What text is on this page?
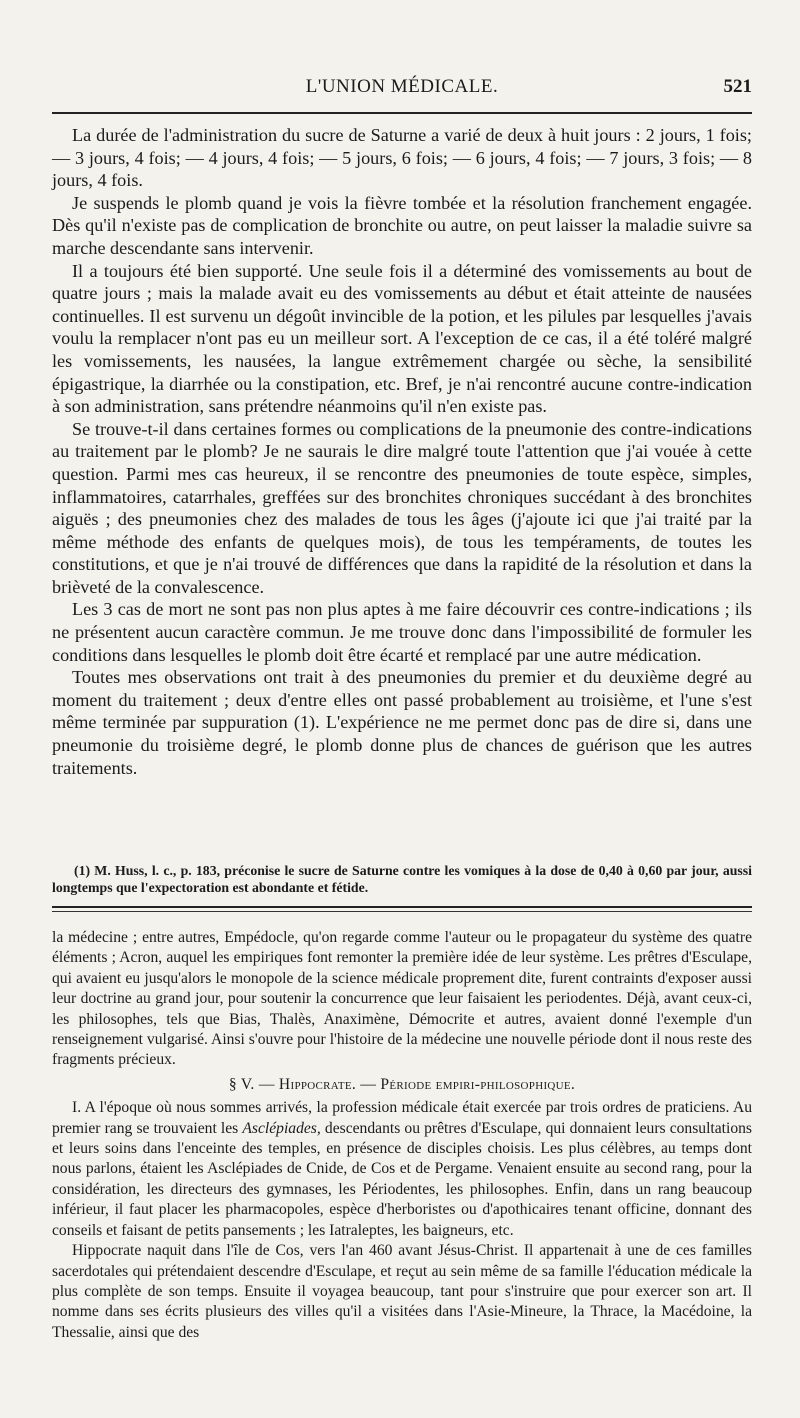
L'UNION MÉDICALE.	521

La durée de l'administration du sucre de Saturne a varié de deux à huit jours : 2 jours, 1 fois; — 3 jours, 4 fois; — 4 jours, 4 fois; — 5 jours, 6 fois; — 6 jours, 4 fois; — 7 jours, 3 fois; — 8 jours, 4 fois.

Je suspends le plomb quand je vois la fièvre tombée et la résolution franchement engagée. Dès qu'il n'existe pas de complication de bronchite ou autre, on peut laisser la maladie suivre sa marche descendante sans intervenir.

Il a toujours été bien supporté. Une seule fois il a déterminé des vomissements au bout de quatre jours ; mais la malade avait eu des vomissements au début et était atteinte de nausées continuelles. Il est survenu un dégoût invincible de la potion, et les pilules par lesquelles j'avais voulu la remplacer n'ont pas eu un meilleur sort. A l'exception de ce cas, il a été toléré malgré les vomissements, les nausées, la langue extrêmement chargée ou sèche, la sensibilité épigastrique, la diarrhée ou la constipation, etc. Bref, je n'ai rencontré aucune contre-indication à son administration, sans prétendre néanmoins qu'il n'en existe pas.

Se trouve-t-il dans certaines formes ou complications de la pneumonie des contre-indications au traitement par le plomb? Je ne saurais le dire malgré toute l'attention que j'ai vouée à cette question. Parmi mes cas heureux, il se rencontre des pneumonies de toute espèce, simples, inflammatoires, catarrhales, greffées sur des bronchites chroniques succédant à des bronchites aiguës ; des pneumonies chez des malades de tous les âges (j'ajoute ici que j'ai traité par la même méthode des enfants de quelques mois), de tous les tempéraments, de toutes les constitutions, et que je n'ai trouvé de différences que dans la rapidité de la résolution et dans la brièveté de la convalescence.

Les 3 cas de mort ne sont pas non plus aptes à me faire découvrir ces contre-indications ; ils ne présentent aucun caractère commun. Je me trouve donc dans l'impossibilité de formuler les conditions dans lesquelles le plomb doit être écarté et remplacé par une autre médication.

Toutes mes observations ont trait à des pneumonies du premier et du deuxième degré au moment du traitement ; deux d'entre elles ont passé probablement au troisième, et l'une s'est même terminée par suppuration (1). L'expérience ne me permet donc pas de dire si, dans une pneumonie du troisième degré, le plomb donne plus de chances de guérison que les autres traitements.

(1) M. Huss, l. c., p. 183, préconise le sucre de Saturne contre les vomiques à la dose de 0,40 à 0,60 par jour, aussi longtemps que l'expectoration est abondante et fétide.

la médecine ; entre autres, Empédocle, qu'on regarde comme l'auteur ou le propagateur du système des quatre éléments ; Acron, auquel les empiriques font remonter la première idée de leur système. Les prêtres d'Esculape, qui avaient eu jusqu'alors le monopole de la science médicale proprement dite, furent contraints d'exposer aussi leur doctrine au grand jour, pour soutenir la concurrence que leur faisaient les periodentes. Déjà, avant ceux-ci, les philosophes, tels que Bias, Thalès, Anaximène, Démocrite et autres, avaient donné l'exemple d'un renseignement vulgarisé. Ainsi s'ouvre pour l'histoire de la médecine une nouvelle période dont il nous reste des fragments précieux.

§ V. — Hippocrate. — Période empiri-philosophique.

I. A l'époque où nous sommes arrivés, la profession médicale était exercée par trois ordres de praticiens. Au premier rang se trouvaient les Asclépiades, descendants ou prêtres d'Esculape, qui donnaient leurs consultations et leurs soins dans l'enceinte des temples, en présence de disciples choisis. Les plus célèbres, au temps dont nous parlons, étaient les Asclépiades de Cnide, de Cos et de Pergame. Venaient ensuite au second rang, pour la considération, les directeurs des gymnases, les Périodentes, les philosophes. Enfin, dans un rang beaucoup inférieur, il faut placer les pharmacopoles, espèce d'herboristes ou d'apothicaires tenant officine, donnant des conseils et faisant de petits pansements ; les Iatraleptes, les baigneurs, etc.

Hippocrate naquit dans l'île de Cos, vers l'an 460 avant Jésus-Christ. Il appartenait à une de ces familles sacerdotales qui prétendaient descendre d'Esculape, et reçut au sein même de sa famille l'éducation médicale la plus complète de son temps. Ensuite il voyagea beaucoup, tant pour s'instruire que pour exercer son art. Il nomme dans ses écrits plusieurs des villes qu'il a visitées dans l'Asie-Mineure, la Thrace, la Macédoine, la Thessalie, ainsi que des
